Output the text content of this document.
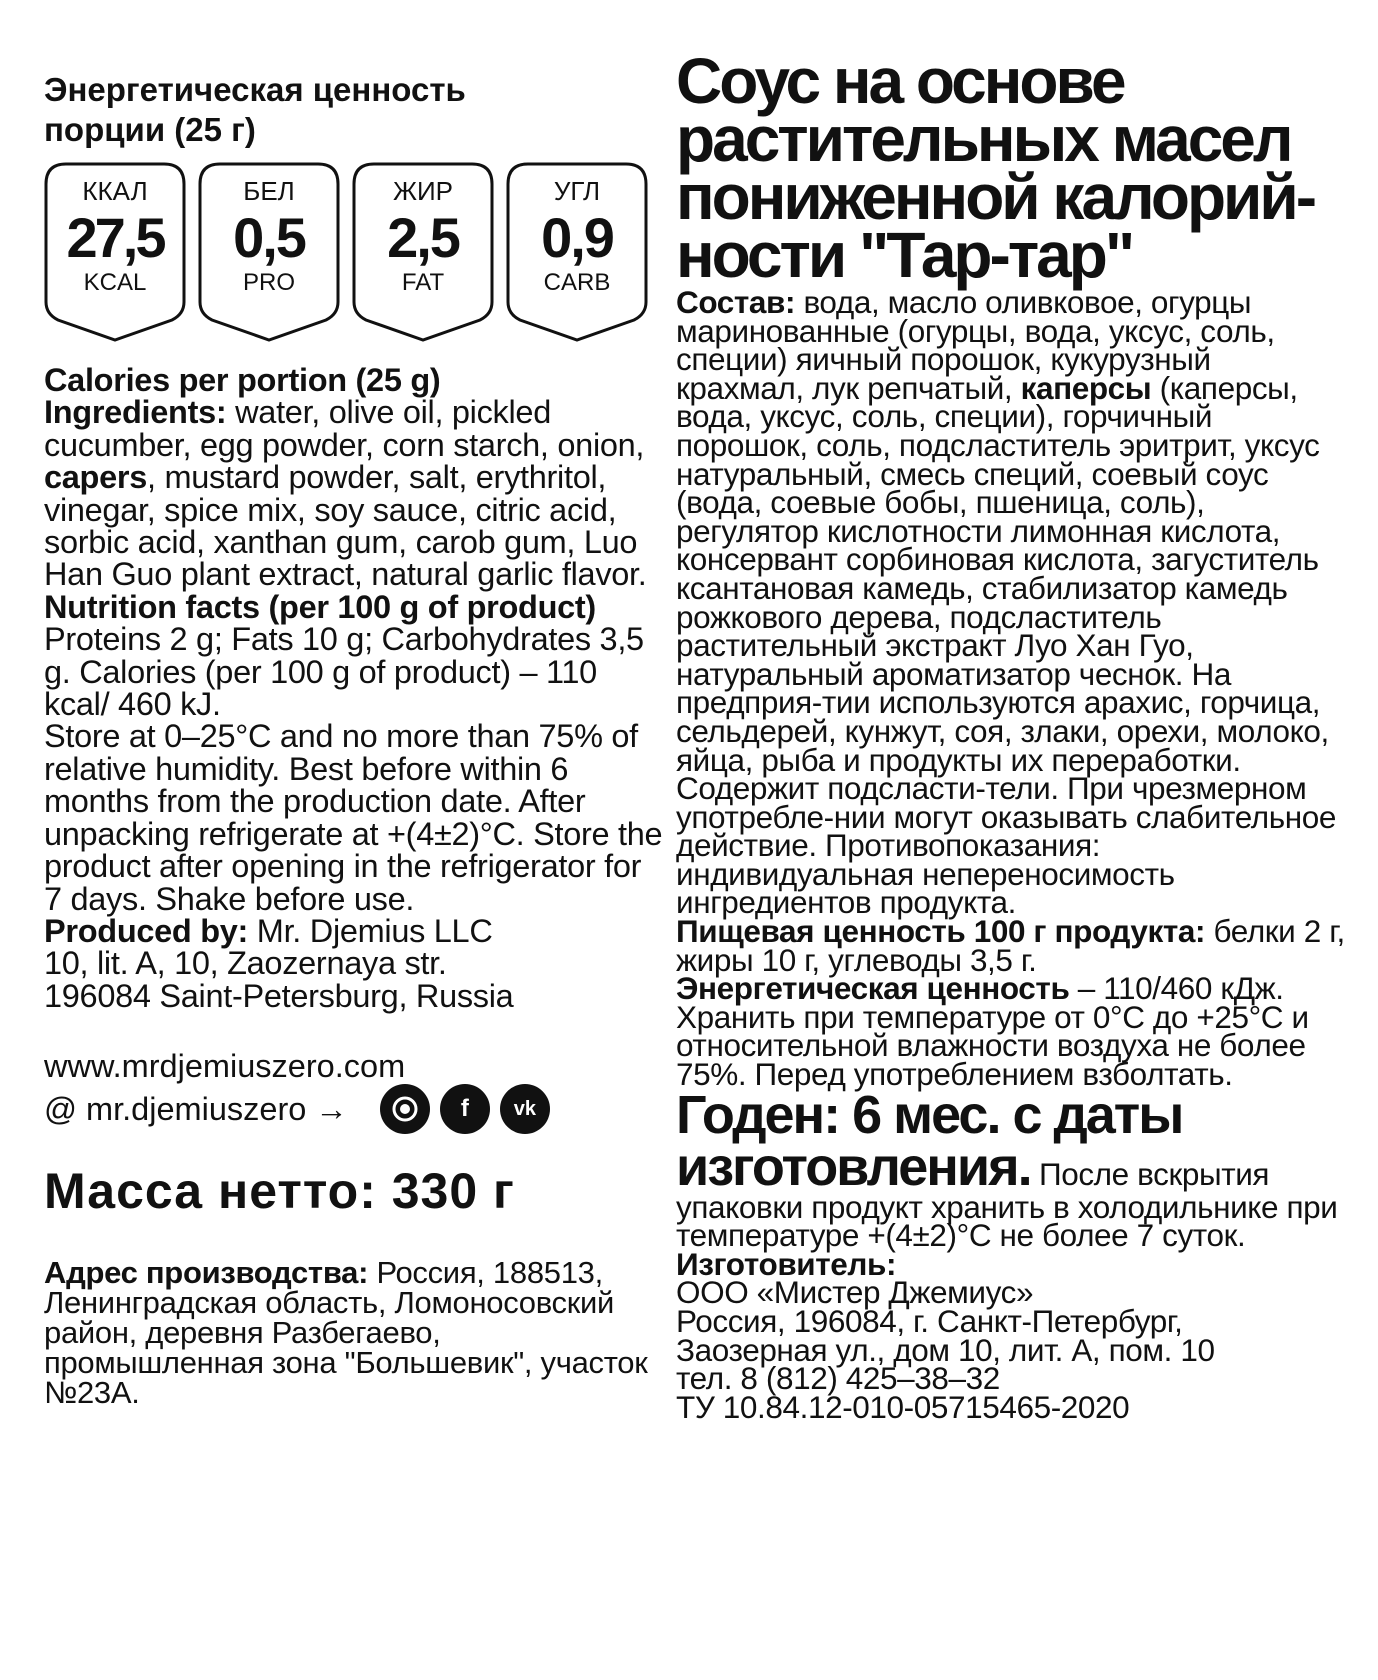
Энергетическая ценность
порции (25 г)

ККАЛ
27,5
KCAL
БЕЛ
0,5
PRO
ЖИР
2,5
FAT
УГЛ
0,9
CARB

Calories per portion (25 g)

Ingredients: water, olive oil, pickled cucumber, egg powder, corn starch, onion, capers, mustard powder, salt, erythritol, vinegar, spice mix, soy sauce, citric acid, sorbic acid, xanthan gum, carob gum, Luo Han Guo plant extract, natural garlic flavor.

Nutrition facts (per 100 g of product)

Proteins 2 g; Fats 10 g; Carbohydrates 3,5 g. Calories (per 100 g of product) – 110 kcal/ 460 kJ.

Store at 0–25°C and no more than 75% of relative humidity. Best before within 6 months from the production date. After unpacking refrigerate at +(4±2)°C. Store the product after opening in the refrigerator for 7 days. Shake before use.

Produced by: Mr. Djemius LLC

10, lit. A, 10, Zaozernaya str.

196084 Saint-Petersburg, Russia

www.mrdjemiuszero.com
@ mr.djemiuszero →	f	vk
Масса нетто: 330 г
Адрес производства: Россия, 188513, Ленинградская область, Ломоносовский район, деревня Разбегаево, промышленная зона "Большевик", участок №23А.
Соус на основе растительных масел пониженной калорий-ности "Тар-тар"

Состав: вода, масло оливковое, огурцы маринованные (огурцы, вода, уксус, соль, специи) яичный порошок, кукурузный крахмал, лук репчатый, каперсы (каперсы, вода, уксус, соль, специи), горчичный порошок, соль, подсластитель эритрит, уксус натуральный, смесь специй, соевый соус (вода, соевые бобы, пшеница, соль), регулятор кислотности лимонная кислота, консервант сорбиновая кислота, загуститель ксантановая камедь, стабилизатор камедь рожкового дерева, подсластитель растительный экстракт Луо Хан Гуо, натуральный ароматизатор чеснок. На предприя-тии используются арахис, горчица, сельдерей, кунжут, соя, злаки, орехи, молоко, яйца, рыба и продукты их переработки. Содержит подсласти-тели. При чрезмерном употребле-нии могут оказывать слабительное действие. Противопоказания: индивидуальная непереносимость ингредиентов продукта.

Пищевая ценность 100 г продукта: белки 2 г, жиры 10 г, углеводы 3,5 г.

Энергетическая ценность – 110/460 кДж.

Хранить при температуре от 0°С до +25°С и относительной влажности воздуха не более 75%. Перед употреблением взболтать.

Годен: 6 мес. с даты изготовления. После вскрытия упаковки продукт хранить в холодильнике при температуре +(4±2)°С не более 7 суток.

Изготовитель:

ООО «Мистер Джемиус»

Россия, 196084, г. Санкт-Петербург,

Заозерная ул., дом 10, лит. А, пом. 10

тел. 8 (812) 425–38–32

ТУ 10.84.12-010-05715465-2020
